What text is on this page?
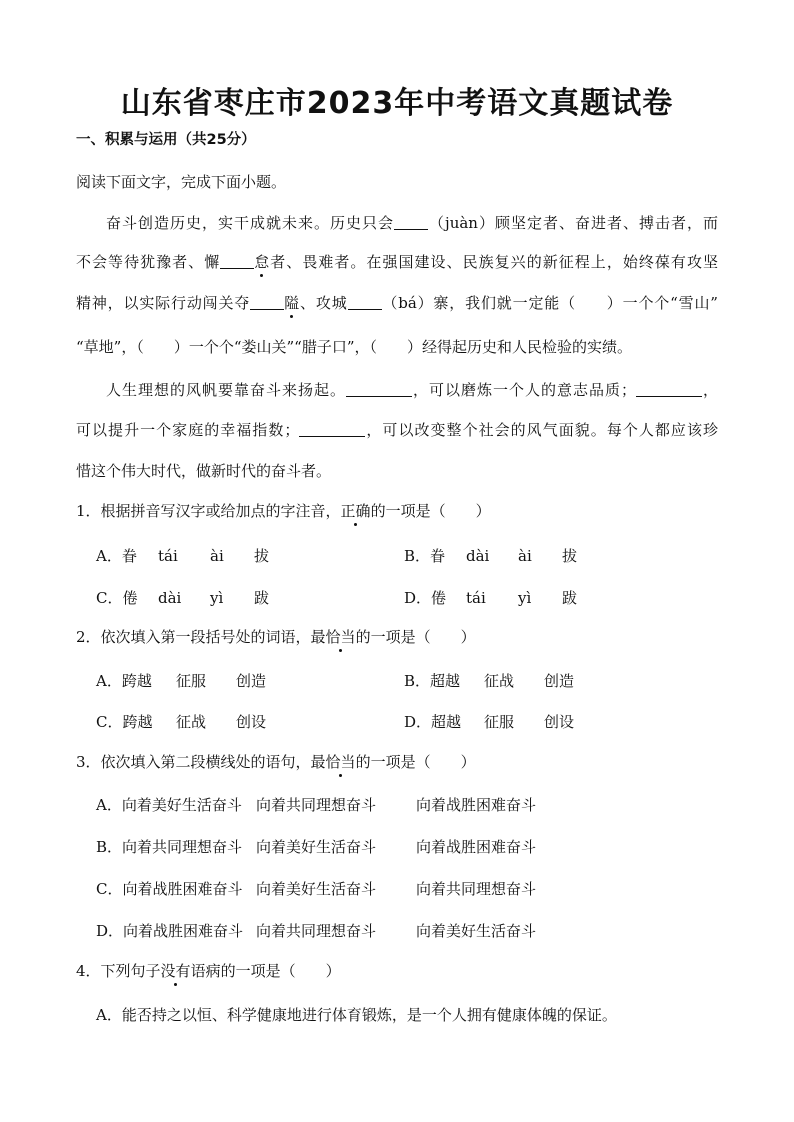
山东省枣庄市2023年中考语文真题试卷

一、积累与运用（共25分）

阅读下面文字，完成下面小题。

奋斗创造历史，实干成就未来。历史只会 （juàn）顾坚定者、奋进者、搏击者，而

不会等待犹豫者、懈 怠者、畏难者。在强国建设、民族复兴的新征程上，始终葆有攻坚

精神，以实际行动闯关夺 隘、攻城 （bá）寨，我们就一定能（ ）一个个“雪山”

“草地”，（ ）一个个“娄山关”“腊子口”，（ ）经得起历史和人民检验的实绩。

人生理想的风帆要靠奋斗来扬起。	，可以磨炼一个人的意志品质；	，

可以提升一个家庭的幸福指数；	，可以改变整个社会的风气面貌。每个人都应该珍

惜这个伟大时代，做新时代的奋斗者。

1．根据拼音写汉字或给加点的字注音，正确的一项是（ ）

A．眷 tái ài 拔	B．眷 dài ài 拔

C．倦 dài yì 跋	D．倦 tái yì 跋

2．依次填入第一段括号处的词语，最恰当的一项是（ ）

A．跨越 征服 创造	B．超越 征战 创造

C．跨越 征战 创设	D．超越 征服 创设

3．依次填入第二段横线处的语句，最恰当的一项是（ ）

A．向着美好生活奋斗 向着共同理想奋斗	向着战胜困难奋斗

B．向着共同理想奋斗 向着美好生活奋斗	向着战胜困难奋斗

C．向着战胜困难奋斗 向着美好生活奋斗	向着共同理想奋斗

D．向着战胜困难奋斗 向着共同理想奋斗	向着美好生活奋斗

4．下列句子没有语病的一项是（ ）

A．能否持之以恒、科学健康地进行体育锻炼，是一个人拥有健康体魄的保证。
